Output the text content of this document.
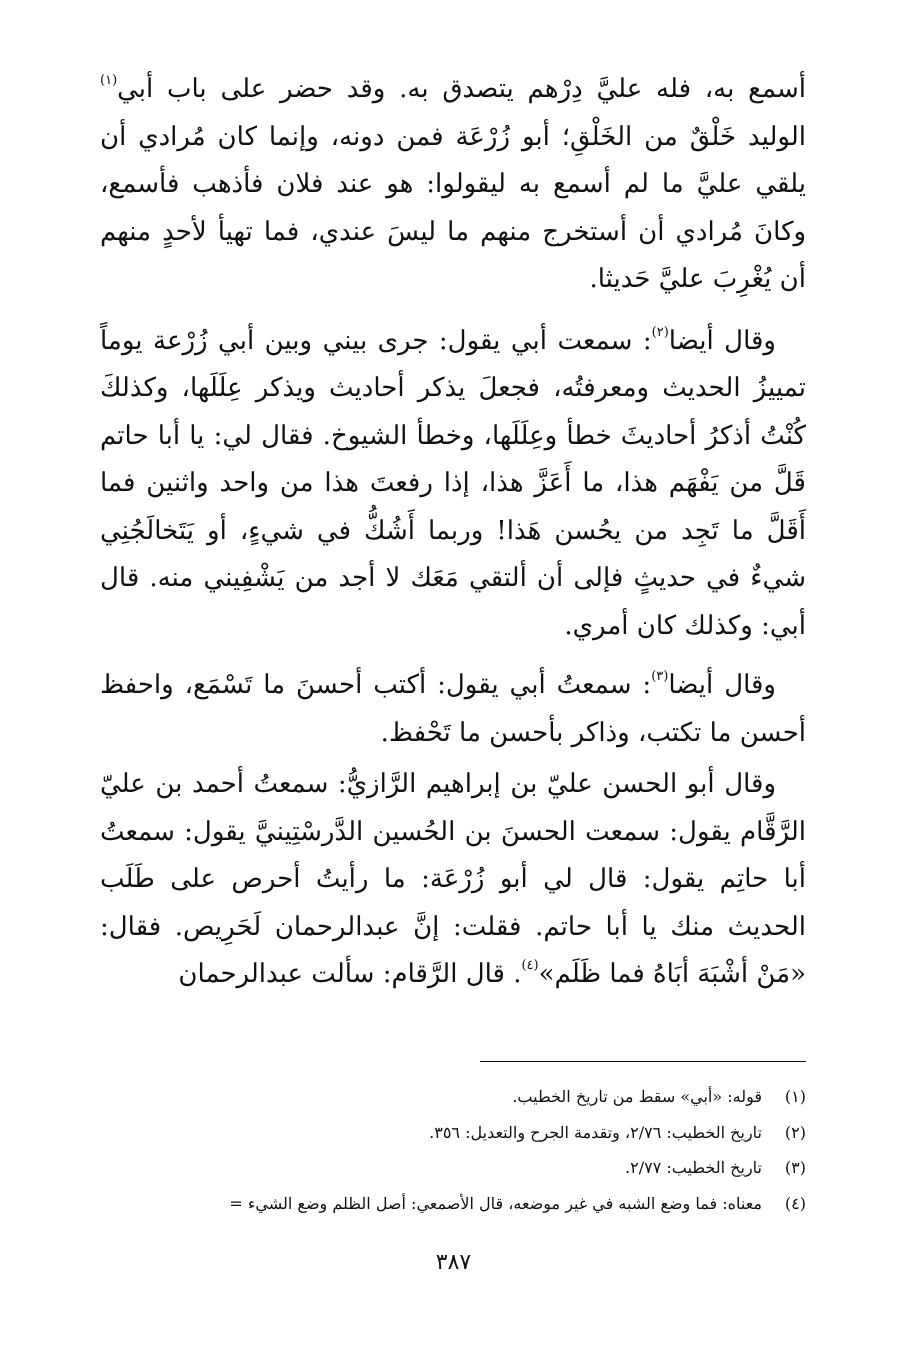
أسمع به، فله عليَّ دِرْهم يتصدق به. وقد حضر على باب أبي$^{(١)}$ الوليد خَلْقٌ من الخَلْقِ؛ أبو زُرْعَة فمن دونه، وإنما كان مُرادي أن يلقي عليَّ ما لم أسمع به ليقولوا: هو عند فلان فأذهب فأسمع، وكانَ مُرادي أن أستخرج منهم ما ليسَ عندي، فما تهيأ لأحدٍ منهم أن يُغْرِبَ عليَّ حَديثا.

وقال أيضا$^{(٢)}$: سمعت أبي يقول: جرى بيني وبين أبي زُرْعة يوماً تمييزُ الحديث ومعرفتُه، فجعلَ يذكر أحاديث ويذكر عِلَلَها، وكذلكَ كُنْتُ أذكرُ أحاديثَ خطأ وعِلَلَها، وخطأ الشيوخ. فقال لي: يا أبا حاتم قَلَّ من يَفْهَم هذا، ما أَعَزَّ هذا، إذا رفعتَ هذا من واحد واثنين فما أَقَلَّ ما تَجِد من يحُسن هَذا! وربما أَشُكُّ في شيءٍ، أو يَتَخالَجُنِي شيءٌ في حديثٍ فإلى أن ألتقي مَعَك لا أجد من يَشْفِيني منه. قال أبي: وكذلك كان أمري.

وقال أيضا$^{(٣)}$: سمعتُ أبي يقول: أكتب أحسنَ ما تَسْمَع، واحفظ أحسن ما تكتب، وذاكر بأحسن ما تَحْفظ.

وقال أبو الحسن عليّ بن إبراهيم الرَّازيُّ: سمعتُ أحمد بن عليّ الرَّقَّام يقول: سمعت الحسنَ بن الحُسين الدَّرسْتِينيَّ يقول: سمعتُ أبا حاتِم يقول: قال لي أبو زُرْعَة: ما رأيتُ أحرص على طَلَب الحديث منك يا أبا حاتم. فقلت: إنَّ عبدالرحمان لَحَرِيص. فقال: «مَنْ أشْبَهَ أبَاهُ فما ظَلَم»$^{(٤)}$. قال الرَّقام: سألت عبدالرحمان

(١)قوله: «أبي» سقط من تاريخ الخطيب.
(٢)تاريخ الخطيب: ٢/٧٦، وتقدمة الجرح والتعديل: ٣٥٦.
(٣)تاريخ الخطيب: ٢/٧٧.
(٤)معناه: فما وضع الشبه في غير موضعه، قال الأصمعي: أصل الظلم وضع الشيء =
٣٨٧
